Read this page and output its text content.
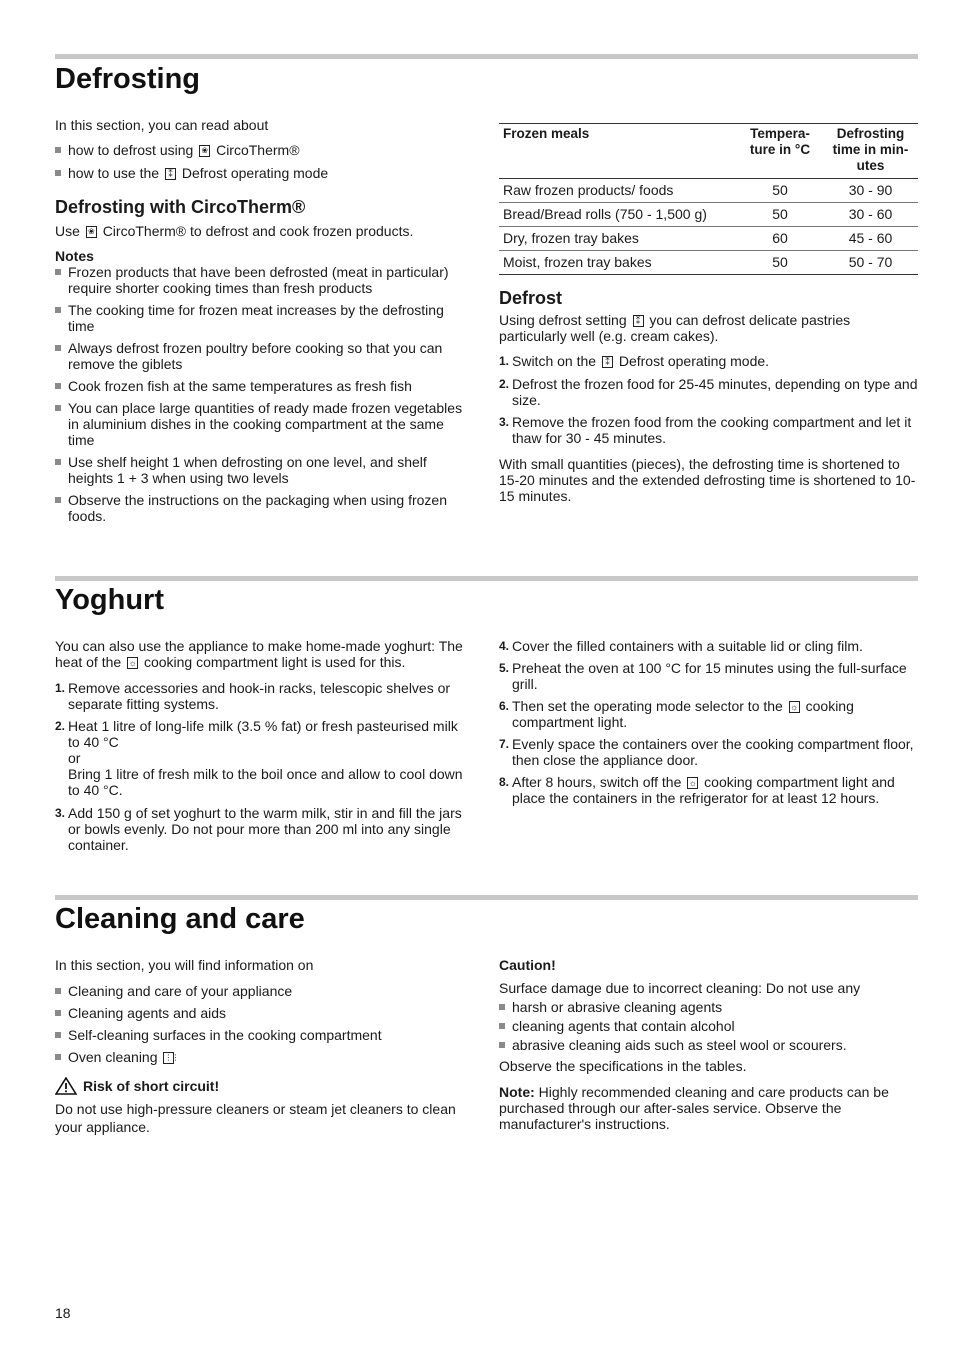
Defrosting

In this section, you can read about

how to defrost using ❀ CircoTherm®
how to use the ⁑ Defrost operating mode
Defrosting with CircoTherm®

Use ❀ CircoTherm® to defrost and cook frozen products.

Notes

Frozen products that have been defrosted (meat in particular) require shorter cooking times than fresh products
The cooking time for frozen meat increases by the defrosting time
Always defrost frozen poultry before cooking so that you can remove the giblets
Cook frozen fish at the same temperatures as fresh fish
You can place large quantities of ready made frozen vegetables in aluminium dishes in the cooking compartment at the same time
Use shelf height 1 when defrosting on one level, and shelf heights 1 + 3 when using two levels
Observe the instructions on the packaging when using frozen foods.
Frozen meals	Tempera- ture in °C	Defrosting time in min- utes
Raw frozen products/ foods	50	30 - 90
Bread/Bread rolls (750 - 1,500 g)	50	30 - 60
Dry, frozen tray bakes	60	45 - 60
Moist, frozen tray bakes	50	50 - 70
Defrost

Using defrost setting ⁑ you can defrost delicate pastries particularly well (e.g. cream cakes).

1. Switch on the ⁑ Defrost operating mode.
2. Defrost the frozen food for 25-45 minutes, depending on type and size.
3. Remove the frozen food from the cooking compartment and let it thaw for 30 - 45 minutes.

With small quantities (pieces), the defrosting time is shortened to 15-20 minutes and the extended defrosting time is shortened to 10-15 minutes.

Yoghurt

You can also use the appliance to make home-made yoghurt: The heat of the ☼ cooking compartment light is used for this.

1. Remove accessories and hook-in racks, telescopic shelves or separate fitting systems.
2. Heat 1 litre of long-life milk (3.5 % fat) or fresh pasteurised milk to 40 °C
or
Bring 1 litre of fresh milk to the boil once and allow to cool down to 40 °C.
3. Add 150 g of set yoghurt to the warm milk, stir in and fill the jars or bowls evenly. Do not pour more than 200 ml into any single container.
4. Cover the filled containers with a suitable lid or cling film.
5. Preheat the oven at 100 °C for 15 minutes using the full-surface grill.
6. Then set the operating mode selector to the ☼ cooking compartment light.
7. Evenly space the containers over the cooking compartment floor, then close the appliance door.
8. After 8 hours, switch off the ☼ cooking compartment light and place the containers in the refrigerator for at least 12 hours.
Cleaning and care

In this section, you will find information on

Cleaning and care of your appliance
Cleaning agents and aids
Self-cleaning surfaces in the cooking compartment
Oven cleaning ⋮⋮
Risk of short circuit!

Do not use high-pressure cleaners or steam jet cleaners to clean your appliance.

Caution!

Surface damage due to incorrect cleaning: Do not use any

harsh or abrasive cleaning agents
cleaning agents that contain alcohol
abrasive cleaning aids such as steel wool or scourers.

Observe the specifications in the tables.

Note: Highly recommended cleaning and care products can be purchased through our after-sales service. Observe the manufacturer's instructions.

18
